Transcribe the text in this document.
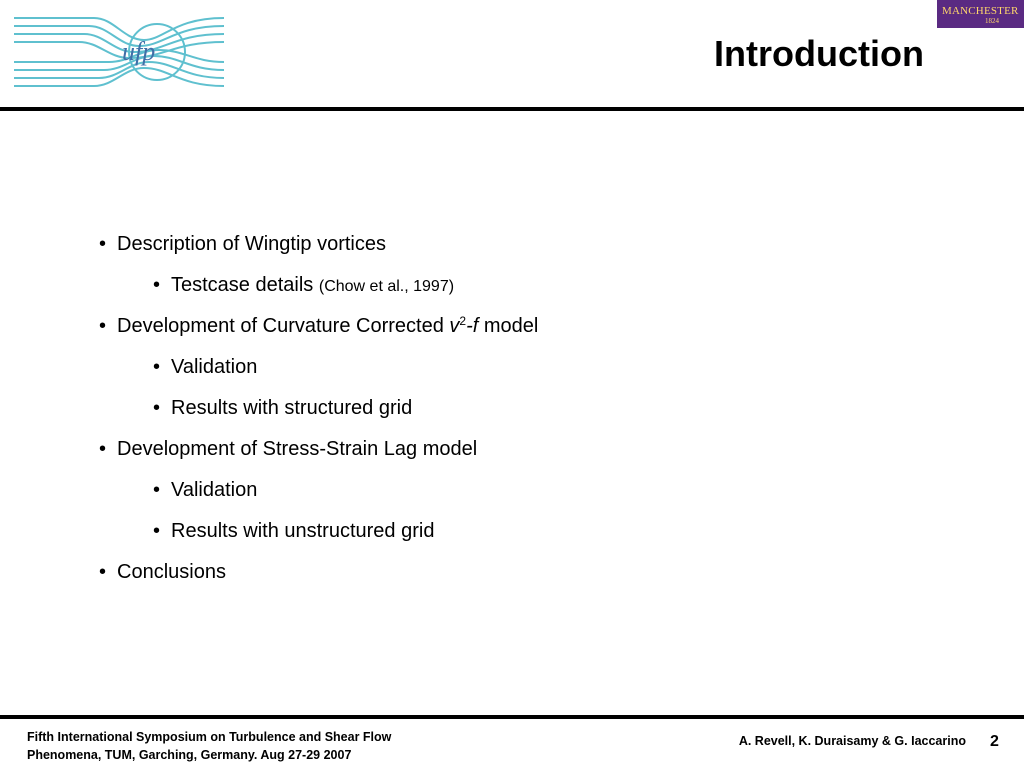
ufp
MANCHESTER
1824
Introduction
• Description of Wingtip vortices
• Testcase details (Chow et al., 1997)
• Development of Curvature Corrected $v^2-f$ model
• Validation
• Results with structured grid
• Development of Stress-Strain Lag model
• Validation
• Results with unstructured grid
• Conclusions
Fifth International Symposium on Turbulence and Shear Flow
Phenomena, TUM, Garching, Germany. Aug 27-29 2007
A. Revell, K. Duraisamy & G. Iaccarino 2
